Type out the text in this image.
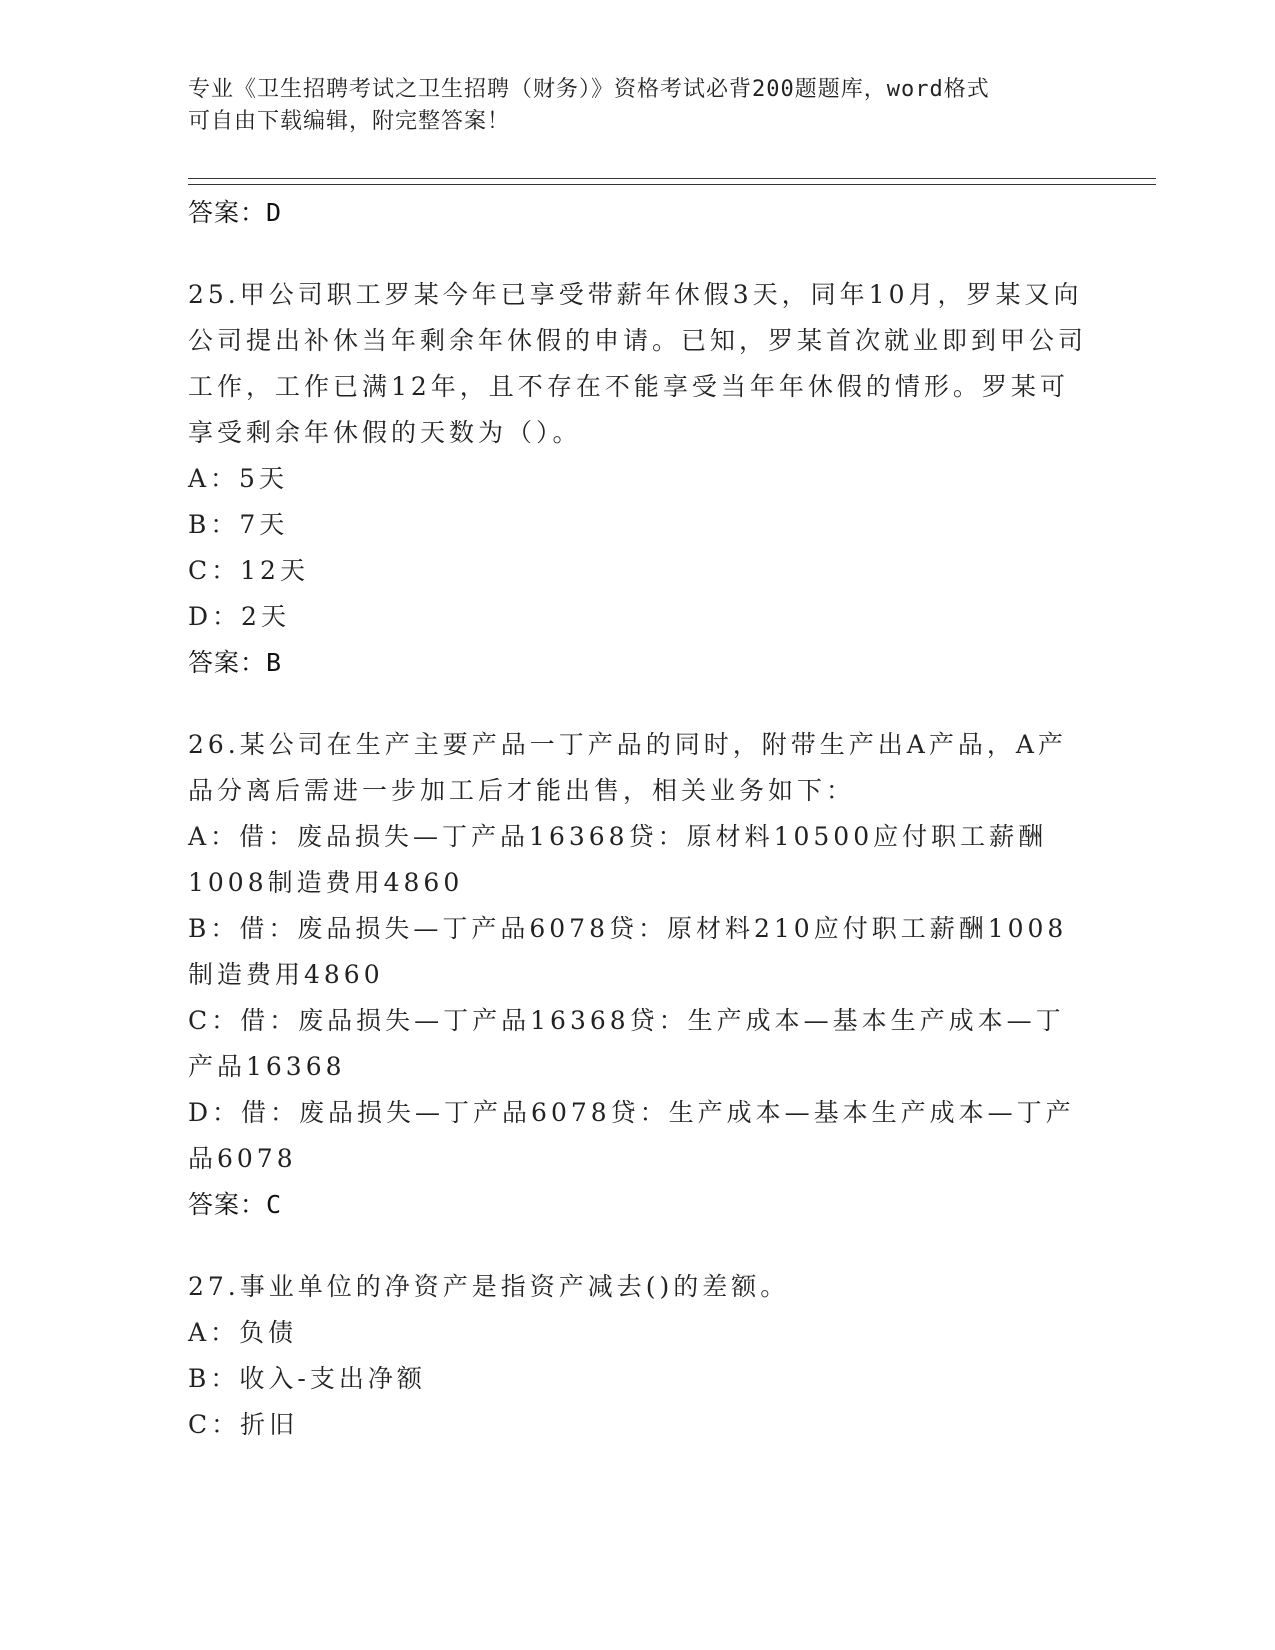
专业《卫生招聘考试之卫生招聘（财务）》资格考试必背200题题库，word格式
可自由下载编辑，附完整答案！
答案：D
25.甲公司职工罗某今年已享受带薪年休假3天，同年10月，罗某又向公司提出补休当年剩余年休假的申请。已知，罗某首次就业即到甲公司工作，工作已满12年，且不存在不能享受当年年休假的情形。罗某可享受剩余年休假的天数为（）。
A：5天
B：7天
C：12天
D：2天
答案：B
26.某公司在生产主要产品一丁产品的同时，附带生产出A产品，A产品分离后需进一步加工后才能出售，相关业务如下：
A：借：废品损失—丁产品16368贷：原材料10500应付职工薪酬1008制造费用4860
B：借：废品损失—丁产品6078贷：原材料210应付职工薪酬1008制造费用4860
C：借：废品损失—丁产品16368贷：生产成本—基本生产成本—丁产品16368
D：借：废品损失—丁产品6078贷：生产成本—基本生产成本—丁产品6078
答案：C
27.事业单位的净资产是指资产减去()的差额。
A：负债
B：收入-支出净额
C：折旧
